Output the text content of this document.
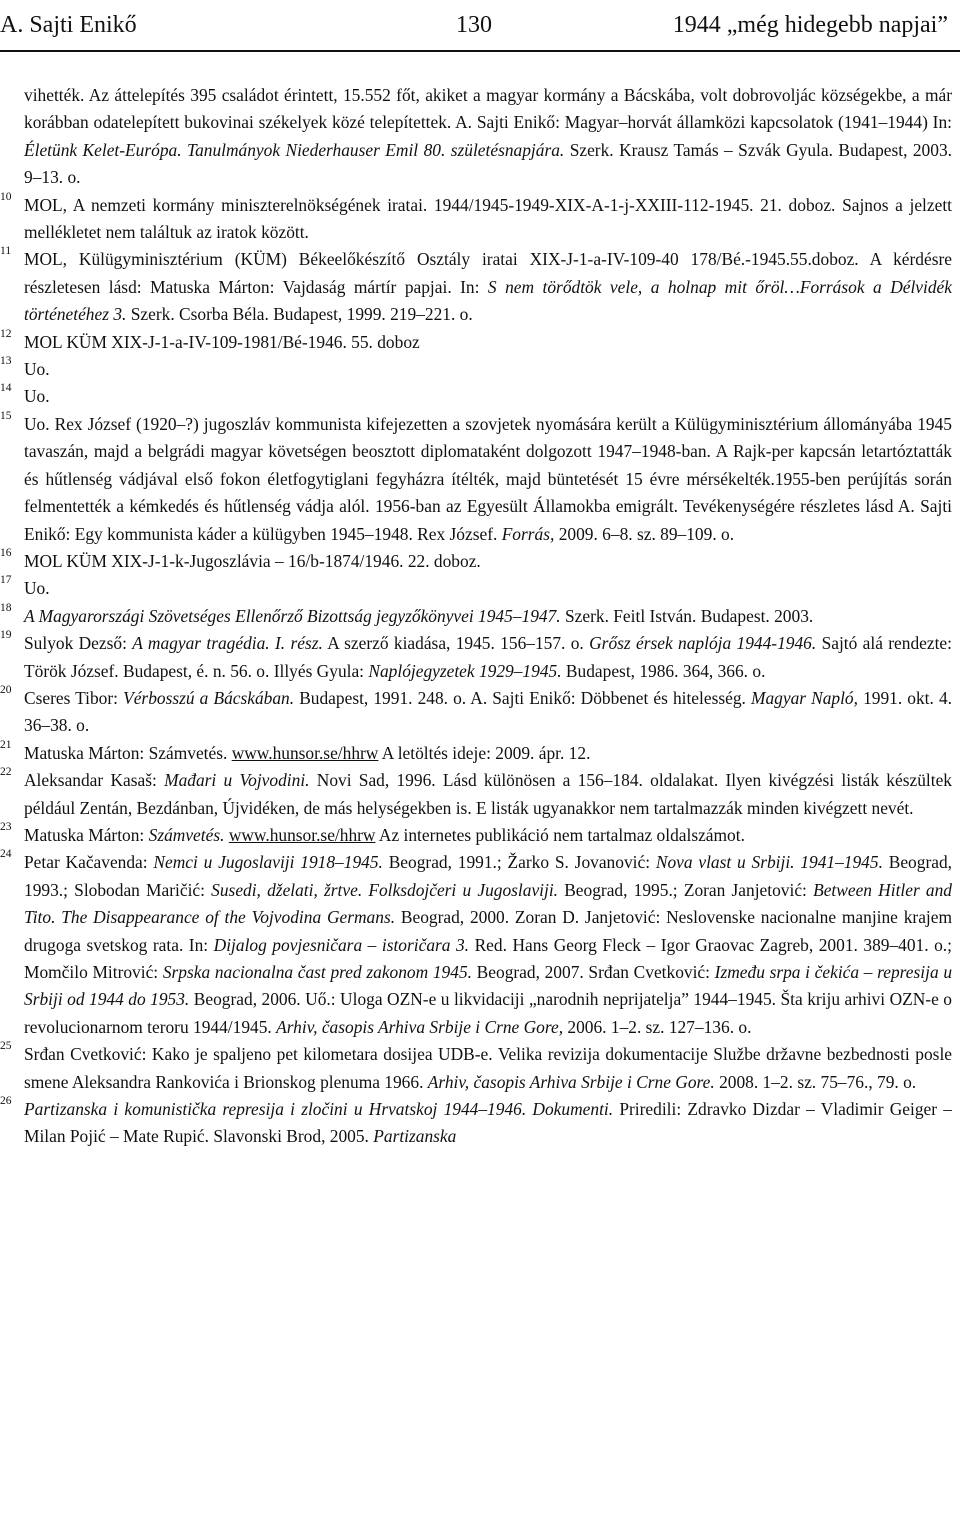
A. Sajti Enikő	130	1944 „még hidegebb napjai”

vihették. Az áttelepítés 395 családot érintett, 15.552 főt, akiket a magyar kormány a Bácskába, volt dobrovoljác községekbe, a már korábban odatelepített bukovinai székelyek közé telepítettek. A. Sajti Enikő: Magyar–horvát államközi kapcsolatok (1941–1944) In: Életünk Kelet-Európa. Tanulmányok Niederhauser Emil 80. születésnapjára. Szerk. Krausz Tamás – Szvák Gyula. Budapest, 2003. 9–13. o.

10 MOL, A nemzeti kormány miniszterelnökségének iratai. 1944/1945-1949-XIX-A-1-j-XXIII-112-1945. 21. doboz. Sajnos a jelzett mellékletet nem találtuk az iratok között.

11 MOL, Külügyminisztérium (KÜM) Békeelőkészítő Osztály iratai XIX-J-1-a-IV-109-40 178/Bé.-1945.55.doboz. A kérdésre részletesen lásd: Matuska Márton: Vajdaság mártír papjai. In: S nem törődtök vele, a holnap mit őröl…Források a Délvidék történetéhez 3. Szerk. Csorba Béla. Budapest, 1999. 219–221. o.

12 MOL KÜM XIX-J-1-a-IV-109-1981/Bé-1946. 55. doboz

13 Uo.

14 Uo.

15 Uo. Rex József (1920–?) jugoszláv kommunista kifejezetten a szovjetek nyomására került a Külügyminisztérium állományába 1945 tavaszán, majd a belgrádi magyar követségen beosztott diplomataként dolgozott 1947–1948-ban. A Rajk-per kapcsán letartóztatták és hűtlenség vádjával első fokon életfogytiglani fegyházra ítélték, majd büntetését 15 évre mérsékelték.1955-ben perújítás során felmentették a kémkedés és hűtlenség vádja alól. 1956-ban az Egyesült Államokba emigrált. Tevékenységére részletes lásd A. Sajti Enikő: Egy kommunista káder a külügyben 1945–1948. Rex József. Forrás, 2009. 6–8. sz. 89–109. o.

16 MOL KÜM XIX-J-1-k-Jugoszlávia – 16/b-1874/1946. 22. doboz.

17 Uo.

18 A Magyarországi Szövetséges Ellenőrző Bizottság jegyzőkönyvei 1945–1947. Szerk. Feitl István. Budapest. 2003.

19 Sulyok Dezső: A magyar tragédia. I. rész. A szerző kiadása, 1945. 156–157. o. Grősz érsek naplója 1944-1946. Sajtó alá rendezte: Török József. Budapest, é. n. 56. o. Illyés Gyula: Naplójegyzetek 1929–1945. Budapest, 1986. 364, 366. o.

20 Cseres Tibor: Vérbosszú a Bácskában. Budapest, 1991. 248. o. A. Sajti Enikő: Döbbenet és hitelesség. Magyar Napló, 1991. okt. 4. 36–38. o.

21 Matuska Márton: Számvetés. www.hunsor.se/hhrw A letöltés ideje: 2009. ápr. 12.

22 Aleksandar Kasaš: Mađari u Vojvodini. Novi Sad, 1996. Lásd különösen a 156–184. oldalakat. Ilyen kivégzési listák készültek például Zentán, Bezdánban, Újvidéken, de más helységekben is. E listák ugyanakkor nem tartalmazzák minden kivégzett nevét.

23 Matuska Márton: Számvetés. www.hunsor.se/hhrw Az internetes publikáció nem tartalmaz oldalszámot.

24 Petar Kačavenda: Nemci u Jugoslaviji 1918–1945. Beograd, 1991.; Žarko S. Jovanović: Nova vlast u Srbiji. 1941–1945. Beograd, 1993.; Slobodan Maričić: Susedi, dželati, žrtve. Folksdojčeri u Jugoslaviji. Beograd, 1995.; Zoran Janjetović: Between Hitler and Tito. The Disappearance of the Vojvodina Germans. Beograd, 2000. Zoran D. Janjetović: Neslovenske nacionalne manjine krajem drugoga svetskog rata. In: Dijalog povjesničara – istoričara 3. Red. Hans Georg Fleck – Igor Graovac Zagreb, 2001. 389–401. o.; Momčilo Mitrović: Srpska nacionalna čast pred zakonom 1945. Beograd, 2007. Srđan Cvetković: Između srpa i čekića – represija u Srbiji od 1944 do 1953. Beograd, 2006. Uő.: Uloga OZN-e u likvidaciji „narodnih neprijatelja” 1944–1945. Šta kriju arhivi OZN-e o revolucionarnom teroru 1944/1945. Arhiv, časopis Arhiva Srbije i Crne Gore, 2006. 1–2. sz. 127–136. o.

25 Srđan Cvetković: Kako je spaljeno pet kilometara dosijea UDB-e. Velika revizija dokumentacije Službe državne bezbednosti posle smene Aleksandra Rankovića i Brionskog plenuma 1966. Arhiv, časopis Arhiva Srbije i Crne Gore. 2008. 1–2. sz. 75–76., 79. o.

26 Partizanska i komunistička represija i zločini u Hrvatskoj 1944–1946. Dokumenti. Priredili: Zdravko Dizdar – Vladimir Geiger – Milan Pojić – Mate Rupić. Slavonski Brod, 2005. Partizanska
